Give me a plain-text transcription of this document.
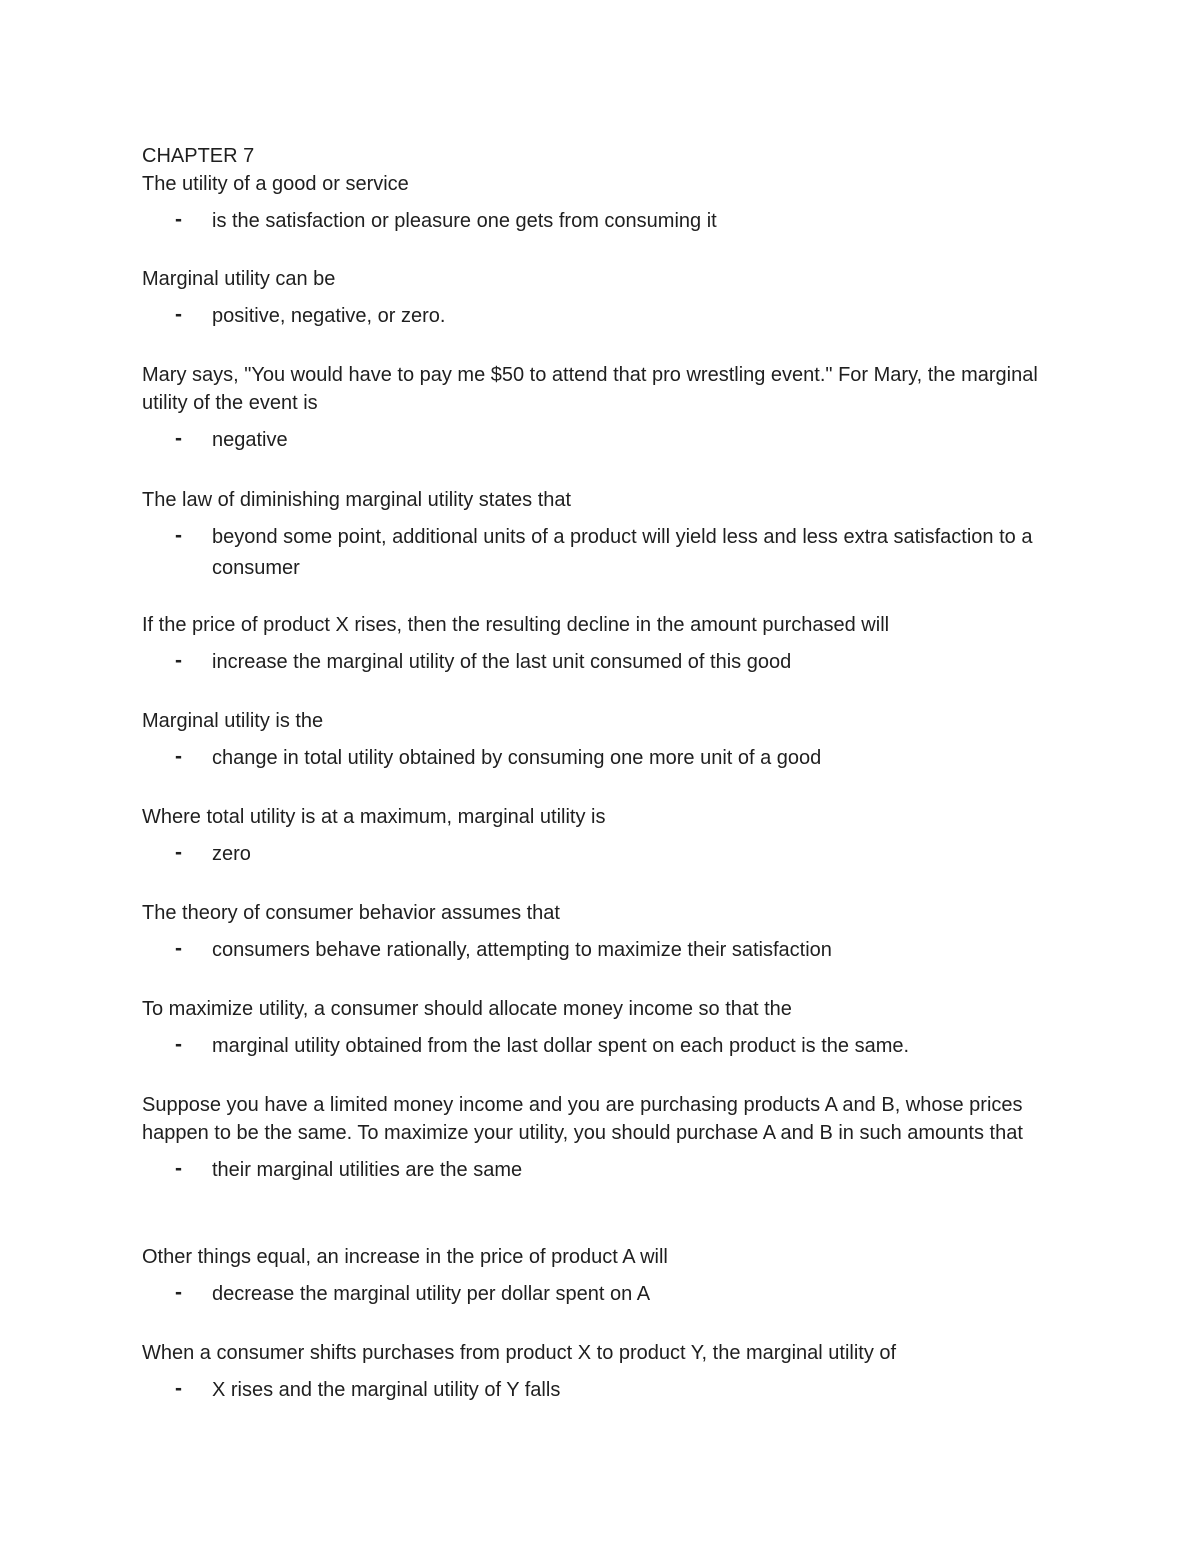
CHAPTER 7

The utility of a good or service

- is the satisfaction or pleasure one gets from consuming it

Marginal utility can be

- positive, negative, or zero.

Mary says, "You would have to pay me $50 to attend that pro wrestling event." For Mary, the marginal utility of the event is

- negative

The law of diminishing marginal utility states that

- beyond some point, additional units of a product will yield less and less extra satisfaction to a consumer

If the price of product X rises, then the resulting decline in the amount purchased will

- increase the marginal utility of the last unit consumed of this good

Marginal utility is the

- change in total utility obtained by consuming one more unit of a good

Where total utility is at a maximum, marginal utility is

- zero

The theory of consumer behavior assumes that

- consumers behave rationally, attempting to maximize their satisfaction

To maximize utility, a consumer should allocate money income so that the

- marginal utility obtained from the last dollar spent on each product is the same.

Suppose you have a limited money income and you are purchasing products A and B, whose prices happen to be the same. To maximize your utility, you should purchase A and B in such amounts that

- their marginal utilities are the same

Other things equal, an increase in the price of product A will

- decrease the marginal utility per dollar spent on A

When a consumer shifts purchases from product X to product Y, the marginal utility of

- X rises and the marginal utility of Y falls
